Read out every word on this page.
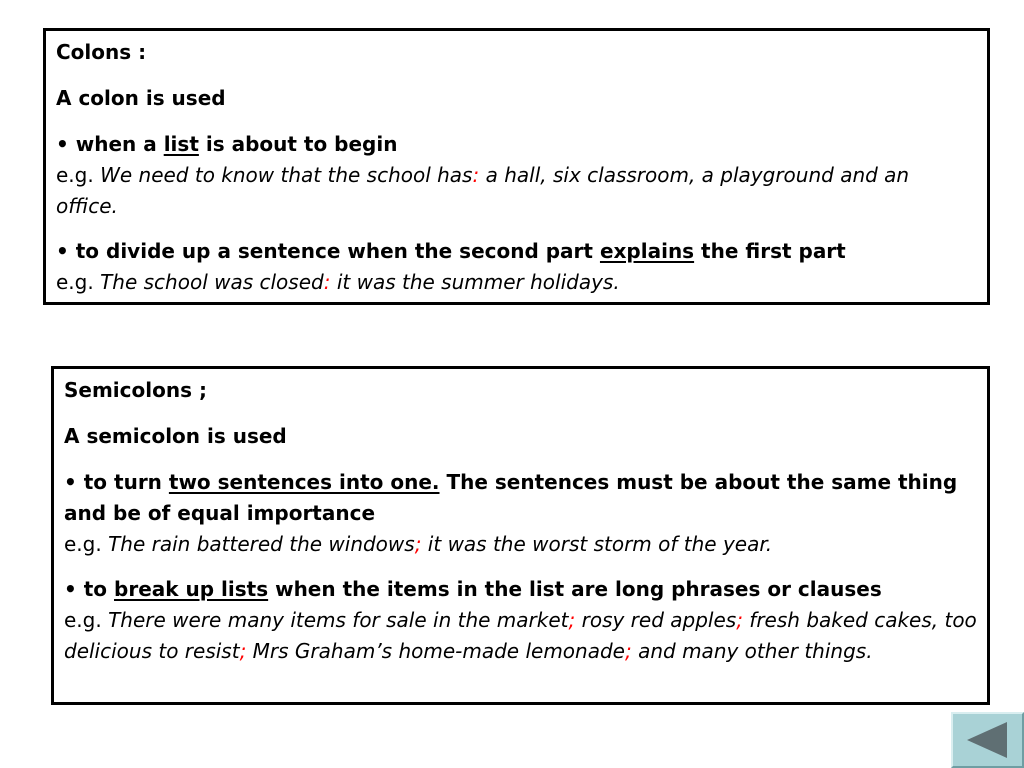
Colons :

A colon is used

• when a list is about to begin
e.g. We need to know that the school has: a hall, six classroom, a playground and an office.

• to divide up a sentence when the second part explains the first part
e.g. The school was closed: it was the summer holidays.

Semicolons ;

A semicolon is used

• to turn two sentences into one. The sentences must be about the same thing and be of equal importance
e.g. The rain battered the windows; it was the worst storm of the year.

• to break up lists when the items in the list are long phrases or clauses
e.g. There were many items for sale in the market; rosy red apples; fresh baked cakes, too delicious to resist; Mrs Graham’s home-made lemonade; and many other things.
